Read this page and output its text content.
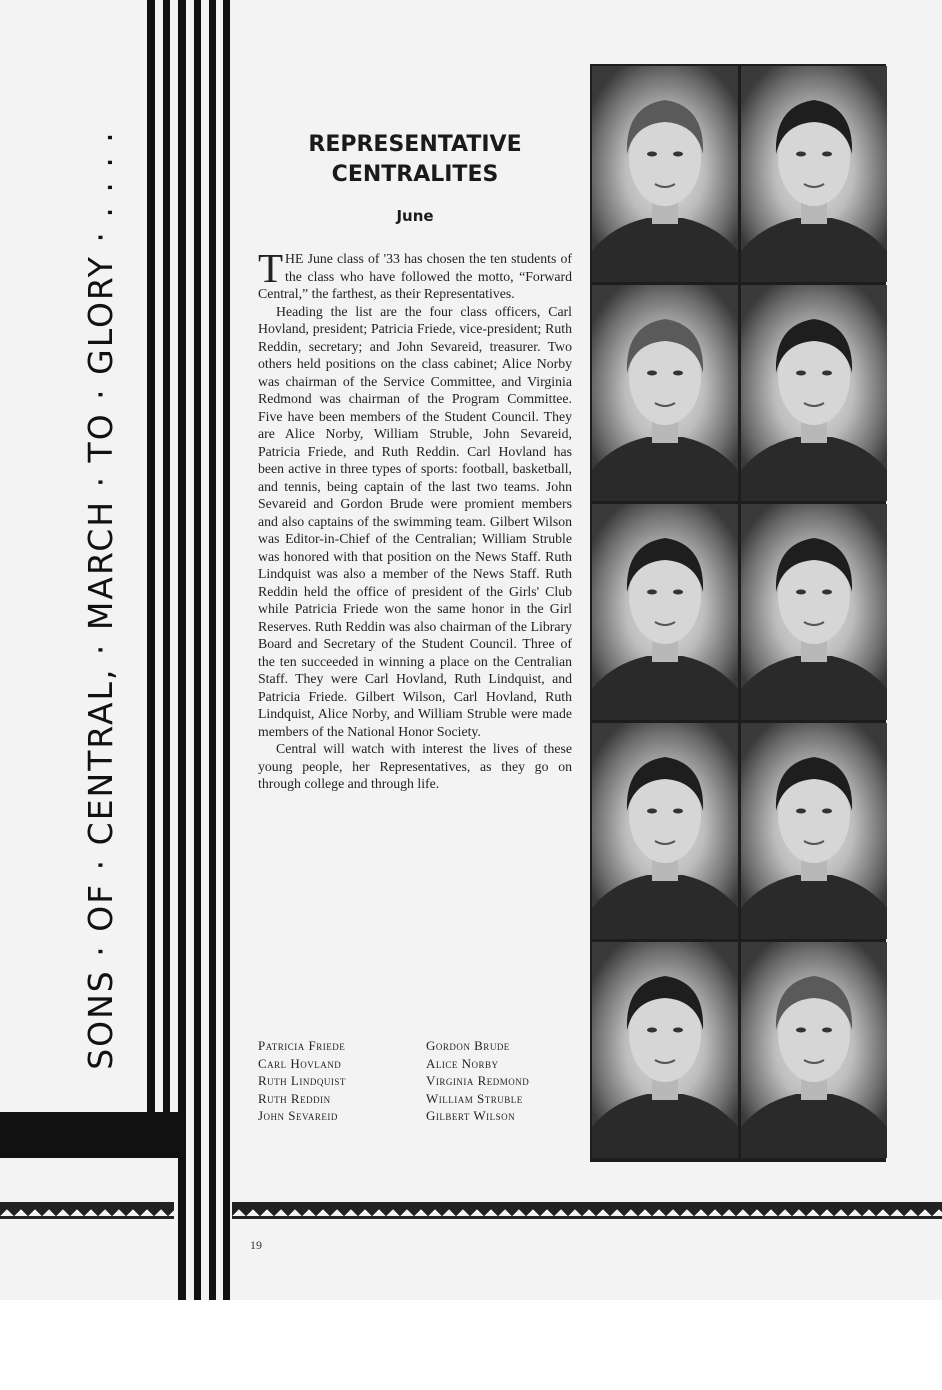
SONS · OF · CENTRAL, · MARCH · TO · GLORY · . . . .	REPRESENTATIVE
CENTRALITES
June

THE June class of '33 has chosen the ten students of the class who have followed the motto, “Forward Central,” the farthest, as their Representatives.

Heading the list are the four class officers, Carl Hovland, president; Patricia Friede, vice-president; Ruth Reddin, secretary; and John Sevareid, treasurer. Two others held positions on the class cabinet; Alice Norby was chairman of the Service Committee, and Virginia Redmond was chairman of the Program Committee. Five have been members of the Student Council. They are Alice Norby, William Struble, John Sevareid, Patricia Friede, and Ruth Reddin. Carl Hovland has been active in three types of sports: football, basketball, and tennis, being captain of the last two teams. John Sevareid and Gordon Brude were promient members and also captains of the swimming team. Gilbert Wilson was Editor-in-Chief of the Centralian; William Struble was honored with that position on the News Staff. Ruth Lindquist was also a member of the News Staff. Ruth Reddin held the office of president of the Girls' Club while Patricia Friede won the same honor in the Girl Reserves. Ruth Reddin was also chairman of the Library Board and Secretary of the Student Council. Three of the ten succeeded in winning a place on the Centralian Staff. They were Carl Hovland, Ruth Lindquist, and Patricia Friede. Gilbert Wilson, Carl Hovland, Ruth Lindquist, Alice Norby, and William Struble were made members of the National Honor Society.

Central will watch with interest the lives of these young people, her Representatives, as they go on through college and through life.

Patricia Friede
Carl Hovland
Ruth Lindquist
Ruth Reddin
John Sevareid
Gordon Brude
Alice Norby
Virginia Redmond
William Struble
Gilbert Wilson
19
